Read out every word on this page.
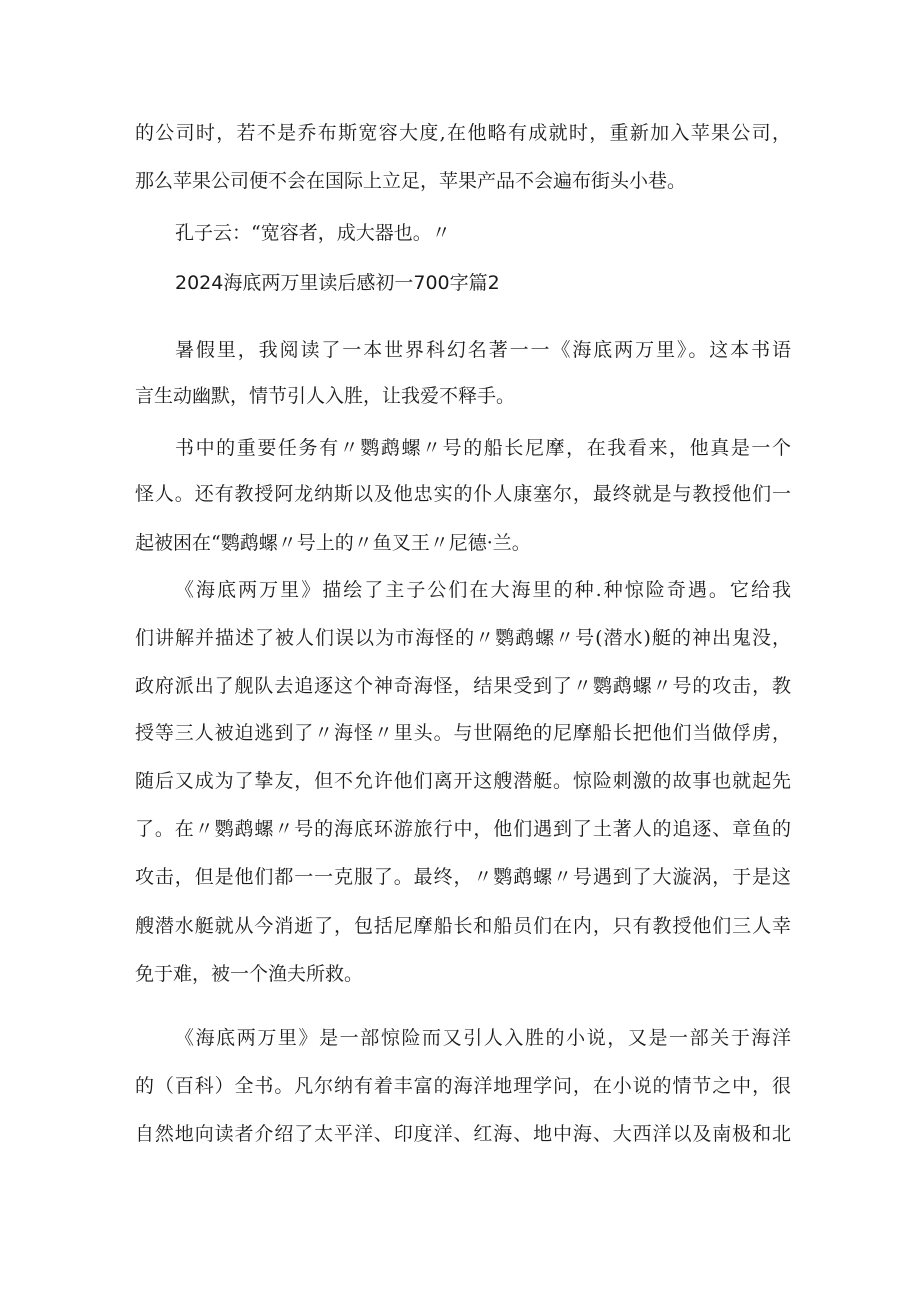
的公司时，若不是乔布斯宽容大度,在他略有成就时，重新加入苹果公司，

那么苹果公司便不会在国际上立足，苹果产品不会遍布街头小巷。

孔子云：“宽容者，成大器也。〃

2024海底两万里读后感初一700字篇2

暑假里，我阅读了一本世界科幻名著一一《海底两万里》。这本书语

言生动幽默，情节引人入胜，让我爱不释手。

书中的重要任务有〃鹦鹉螺〃号的船长尼摩，在我看来，他真是一个

怪人。还有教授阿龙纳斯以及他忠实的仆人康塞尔，最终就是与教授他们一

起被困在“鹦鹉螺〃号上的〃鱼叉王〃尼德·兰。

《海底两万里》描绘了主子公们在大海里的种.种惊险奇遇。它给我

们讲解并描述了被人们误以为市海怪的〃鹦鹉螺〃号(潜水)艇的神出鬼没，

政府派出了舰队去追逐这个神奇海怪，结果受到了〃鹦鹉螺〃号的攻击，教

授等三人被迫逃到了〃海怪〃里头。与世隔绝的尼摩船长把他们当做俘虏，

随后又成为了挚友，但不允许他们离开这艘潜艇。惊险刺激的故事也就起先

了。在〃鹦鹉螺〃号的海底环游旅行中，他们遇到了土著人的追逐、章鱼的

攻击，但是他们都一一克服了。最终，〃鹦鹉螺〃号遇到了大漩涡，于是这

艘潜水艇就从今消逝了，包括尼摩船长和船员们在内，只有教授他们三人幸

免于难，被一个渔夫所救。

《海底两万里》是一部惊险而又引人入胜的小说，又是一部关于海洋

的（百科）全书。凡尔纳有着丰富的海洋地理学问，在小说的情节之中，很

自然地向读者介绍了太平洋、印度洋、红海、地中海、大西洋以及南极和北
